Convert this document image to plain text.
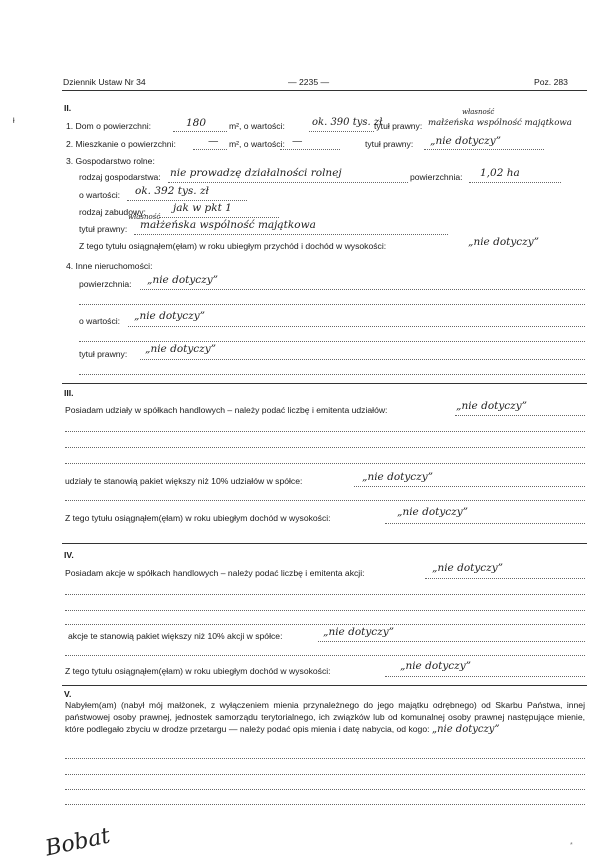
Dziennik Ustaw Nr 34	— 2235 —	Poz. 283
ł
II.
1. Dom o powierzchni:	180	m², o wartości:	ok. 390 tys. zł
tytuł prawny:
własność
małżeńska wspólność majątkowa
2. Mieszkanie o powierzchni:	— m², o wartości: —	tytuł prawny: „nie dotyczy”
3. Gospodarstwo rolne:
rodzaj gospodarstwa: nie prowadzę działalności rolnej	powierzchnia: 1,02 ha
o wartości: ok. 392 tys. zł
rodzaj zabudowy:	jak w pkt 1
tytuł prawny:
własność
małżeńska wspólność majątkowa
Z tego tytułu osiągnąłem(ęłam) w roku ubiegłym przychód i dochód w wysokości:	„nie dotyczy”
4. Inne nieruchomości:
powierzchnia: „nie dotyczy”
o wartości: „nie dotyczy”
tytuł prawny: „nie dotyczy”
III.
Posiadam udziały w spółkach handlowych – należy podać liczbę i emitenta udziałów:	„nie dotyczy”
udziały te stanowią pakiet większy niż 10% udziałów w spółce:	„nie dotyczy”
Z tego tytułu osiągnąłem(ęłam) w roku ubiegłym dochód w wysokości:	„nie dotyczy”
IV.
Posiadam akcje w spółkach handlowych – należy podać liczbę i emitenta akcji:	„nie dotyczy”
akcje te stanowią pakiet większy niż 10% akcji w spółce:	„nie dotyczy”
Z tego tytułu osiągnąłem(ęłam) w roku ubiegłym dochód w wysokości:	„nie dotyczy”
V.
Nabyłem(am) (nabył mój małżonek, z wyłączeniem mienia przynależnego do jego majątku odrębnego) od Skarbu Państwa, innej państwowej osoby prawnej, jednostek samorządu terytorialnego, ich związków lub od komunalnej osoby prawnej następujące mienie, które podlegało zbyciu w drodze przetargu — należy podać opis mienia i datę nabycia, od kogo: „nie dotyczy”
Bobat	*
